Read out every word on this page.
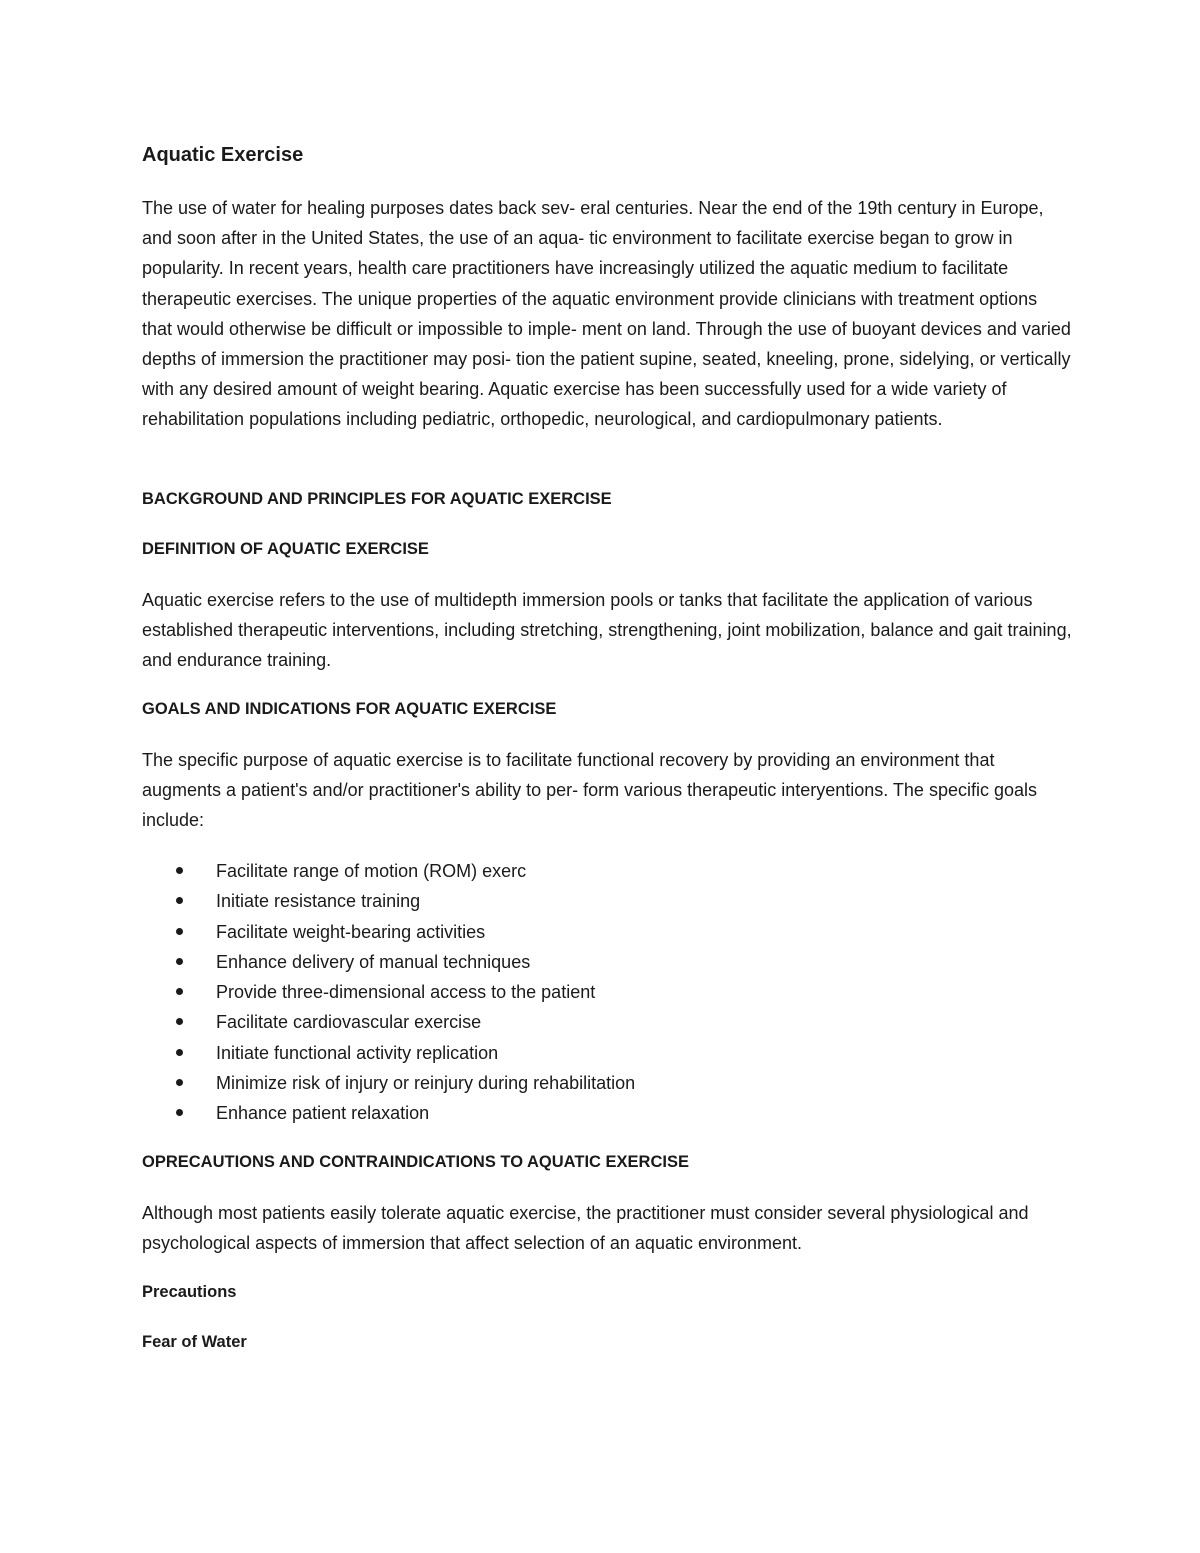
Aquatic Exercise

The use of water for healing purposes dates back sev- eral centuries. Near the end of the 19th century in Europe, and soon after in the United States, the use of an aqua- tic environment to facilitate exercise began to grow in popularity. In recent years, health care practitioners have increasingly utilized the aquatic medium to facilitate therapeutic exercises. The unique properties of the aquatic environment provide clinicians with treatment options that would otherwise be difficult or impossible to imple- ment on land. Through the use of buoyant devices and varied depths of immersion the practitioner may posi- tion the patient supine, seated, kneeling, prone, sidelying, or vertically with any desired amount of weight bearing. Aquatic exercise has been successfully used for a wide variety of rehabilitation populations including pediatric, orthopedic, neurological, and cardiopulmonary patients.

BACKGROUND AND PRINCIPLES FOR AQUATIC EXERCISE
DEFINITION OF AQUATIC EXERCISE

Aquatic exercise refers to the use of multidepth immersion pools or tanks that facilitate the application of various established therapeutic interventions, including stretching, strengthening, joint mobilization, balance and gait training, and endurance training.

GOALS AND INDICATIONS FOR AQUATIC EXERCISE

The specific purpose of aquatic exercise is to facilitate functional recovery by providing an environment that augments a patient's and/or practitioner's ability to per- form various therapeutic interyentions. The specific goals include:

Facilitate range of motion (ROM) exerc
Initiate resistance training
Facilitate weight-bearing activities
Enhance delivery of manual techniques
Provide three-dimensional access to the patient
Facilitate cardiovascular exercise
Initiate functional activity replication
Minimize risk of injury or reinjury during rehabilitation
Enhance patient relaxation
OPRECAUTIONS AND CONTRAINDICATIONS TO AQUATIC EXERCISE

Although most patients easily tolerate aquatic exercise, the practitioner must consider several physiological and psychological aspects of immersion that affect selection of an aquatic environment.

Precautions
Fear of Water
